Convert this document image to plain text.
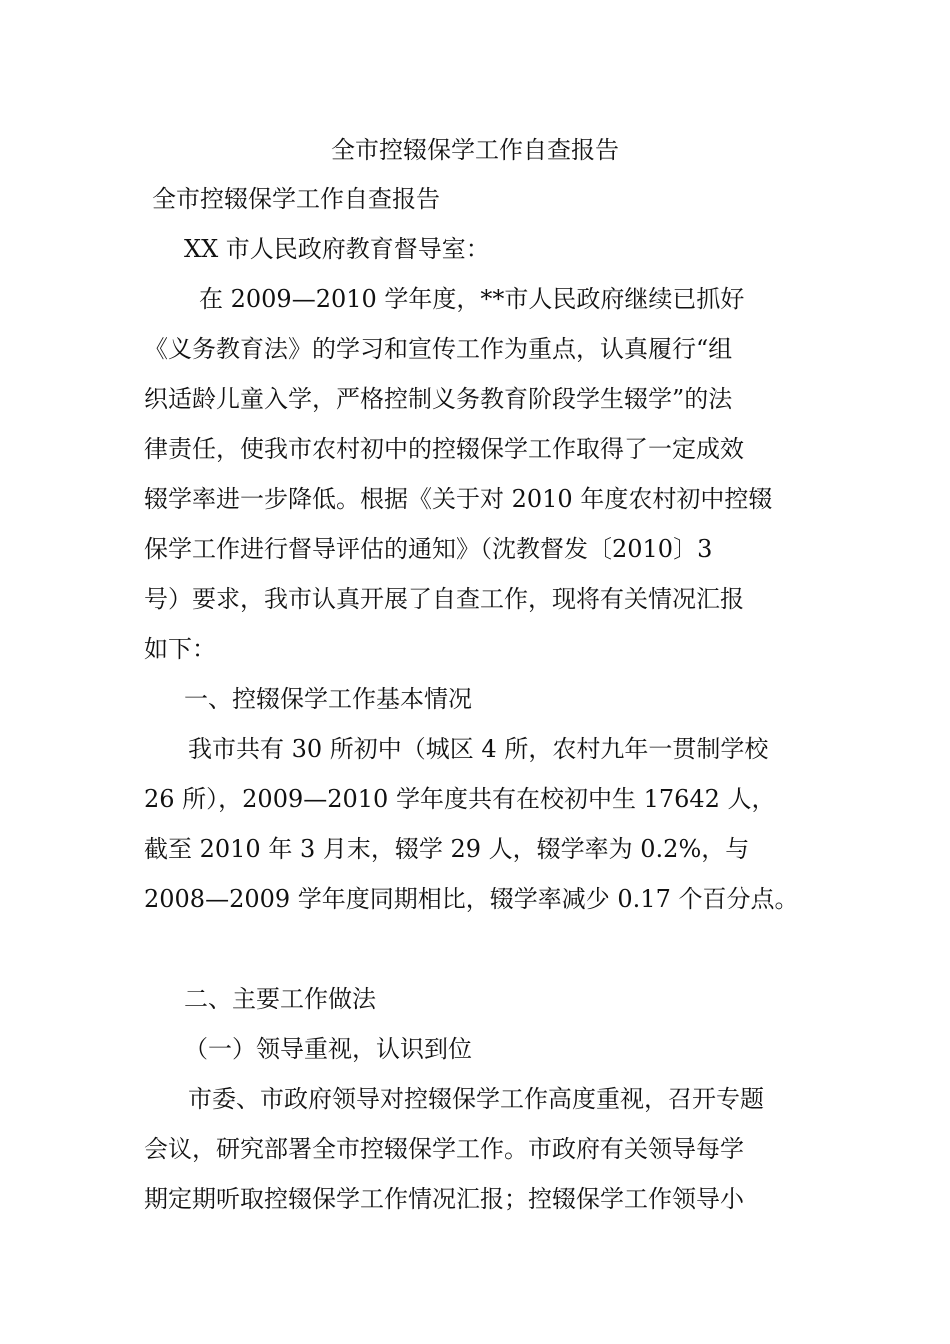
全市控辍保学工作自查报告
全市控辍保学工作自查报告
XX 市人民政府教育督导室：
在 2009—2010 学年度，**市人民政府继续已抓好
《义务教育法》的学习和宣传工作为重点，认真履行“组
织适龄儿童入学，严格控制义务教育阶段学生辍学”的法
律责任，使我市农村初中的控辍保学工作取得了一定成效
辍学率进一步降低。根据《关于对 2010 年度农村初中控辍
保学工作进行督导评估的通知》（沈教督发〔2010〕3
号）要求，我市认真开展了自查工作，现将有关情况汇报
如下：
一、控辍保学工作基本情况
我市共有 30 所初中（城区 4 所，农村九年一贯制学校
26 所），2009—2010 学年度共有在校初中生 17642 人，
截至 2010 年 3 月末，辍学 29 人，辍学率为 0.2%，与
2008—2009 学年度同期相比，辍学率减少 0.17 个百分点。
二、主要工作做法
（一）领导重视，认识到位
市委、市政府领导对控辍保学工作高度重视，召开专题
会议，研究部署全市控辍保学工作。市政府有关领导每学
期定期听取控辍保学工作情况汇报；控辍保学工作领导小
